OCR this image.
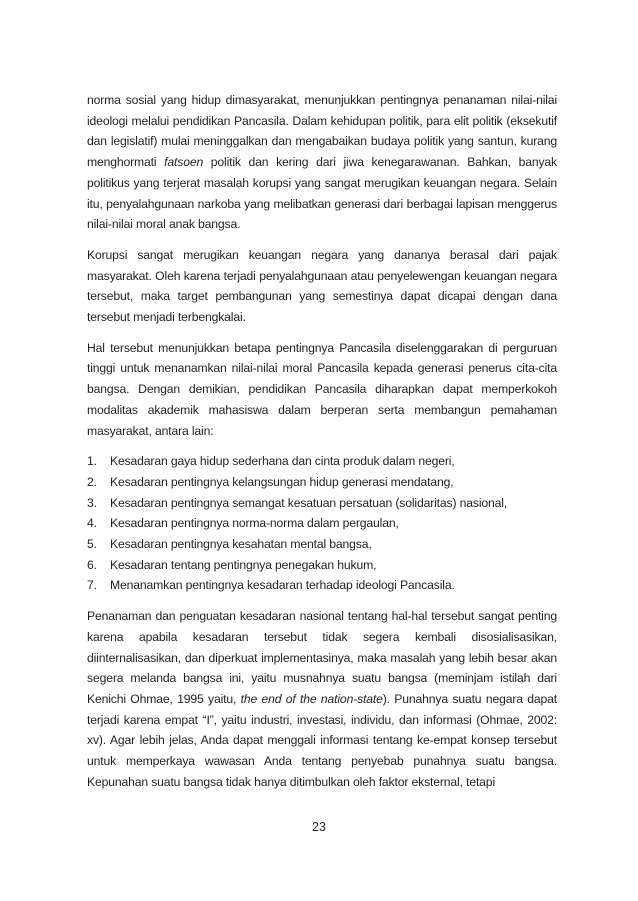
norma sosial yang hidup dimasyarakat, menunjukkan pentingnya penanaman nilai-nilai ideologi melalui pendidikan Pancasila. Dalam kehidupan politik, para elit politik (eksekutif dan legislatif) mulai meninggalkan dan mengabaikan budaya politik yang santun, kurang menghormati fatsoen politik dan kering dari jiwa kenegarawanan. Bahkan, banyak politikus yang terjerat masalah korupsi yang sangat merugikan keuangan negara. Selain itu, penyalahgunaan narkoba yang melibatkan generasi dari berbagai lapisan menggerus nilai-nilai moral anak bangsa.

Korupsi sangat merugikan keuangan negara yang dananya berasal dari pajak masyarakat. Oleh karena terjadi penyalahgunaan atau penyelewengan keuangan negara tersebut, maka target pembangunan yang semestinya dapat dicapai dengan dana tersebut menjadi terbengkalai.

Hal tersebut menunjukkan betapa pentingnya Pancasila diselenggarakan di perguruan tinggi untuk menanamkan nilai-nilai moral Pancasila kepada generasi penerus cita-cita bangsa. Dengan demikian, pendidikan Pancasila diharapkan dapat memperkokoh modalitas akademik mahasiswa dalam berperan serta membangun pemahaman masyarakat, antara lain:

1. Kesadaran gaya hidup sederhana dan cinta produk dalam negeri,
2. Kesadaran pentingnya kelangsungan hidup generasi mendatang,
3. Kesadaran pentingnya semangat kesatuan persatuan (solidaritas) nasional,
4. Kesadaran pentingnya norma-norma dalam pergaulan,
5. Kesadaran pentingnya kesahatan mental bangsa,
6. Kesadaran tentang pentingnya penegakan hukum,
7. Menanamkan pentingnya kesadaran terhadap ideologi Pancasila.

Penanaman dan penguatan kesadaran nasional tentang hal-hal tersebut sangat penting karena apabila kesadaran tersebut tidak segera kembali disosialisasikan, diinternalisasikan, dan diperkuat implementasinya, maka masalah yang lebih besar akan segera melanda bangsa ini, yaitu musnahnya suatu bangsa (meminjam istilah dari Kenichi Ohmae, 1995 yaitu, the end of the nation-state). Punahnya suatu negara dapat terjadi karena empat “I”, yaitu industri, investasi, individu, dan informasi (Ohmae, 2002: xv). Agar lebih jelas, Anda dapat menggali informasi tentang ke-empat konsep tersebut untuk memperkaya wawasan Anda tentang penyebab punahnya suatu bangsa. Kepunahan suatu bangsa tidak hanya ditimbulkan oleh faktor eksternal, tetapi

23
